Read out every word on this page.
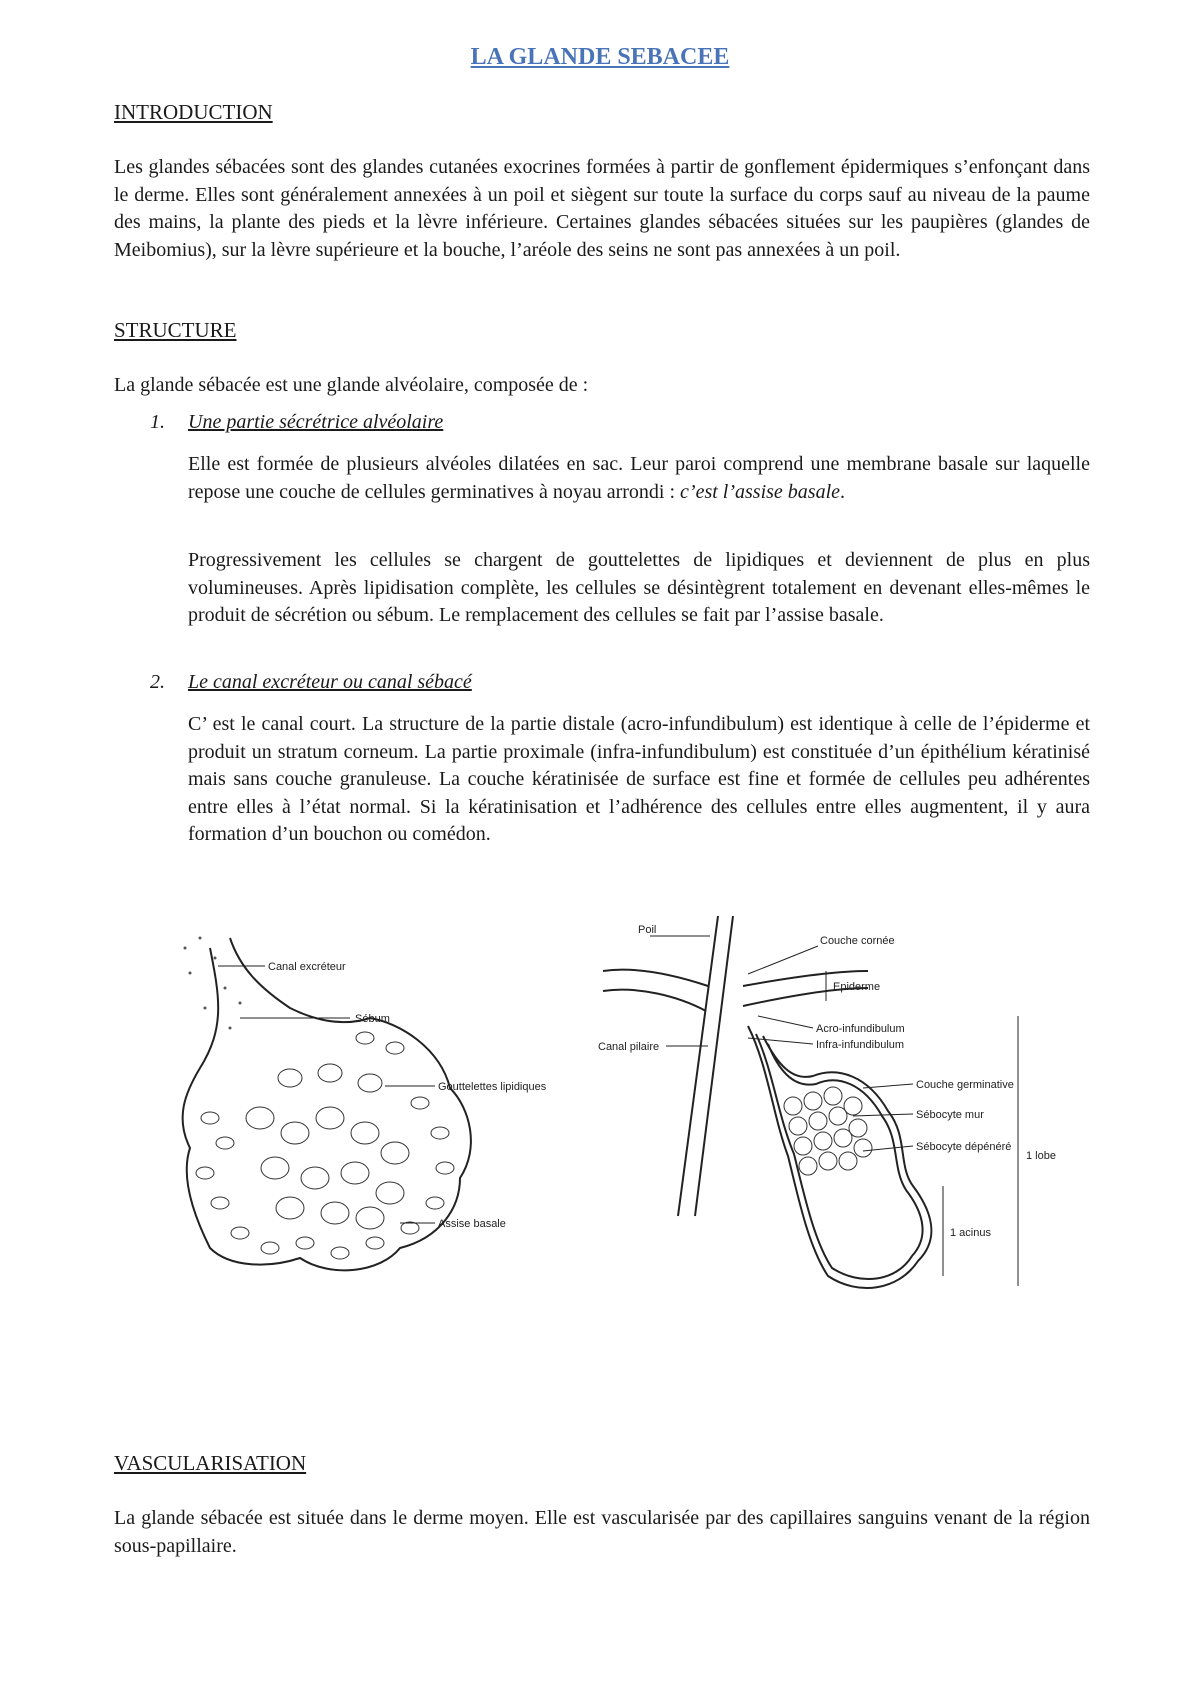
LA GLANDE SEBACEE
INTRODUCTION

Les glandes sébacées sont des glandes cutanées exocrines formées à partir de gonflement épidermiques s’enfonçant dans le derme. Elles sont généralement annexées à un poil et siègent sur toute la surface du corps sauf au niveau de la paume des mains, la plante des pieds et la lèvre inférieure. Certaines glandes sébacées situées sur les paupières (glandes de Meibomius), sur la lèvre supérieure et la bouche, l’aréole des seins ne sont pas annexées à un poil.

STRUCTURE

La glande sébacée est une glande alvéolaire, composée de :

1. Une partie sécrétrice alvéolaire

Elle est formée de plusieurs alvéoles dilatées en sac. Leur paroi comprend une membrane basale sur laquelle repose une couche de cellules germinatives à noyau arrondi : c’est l’assise basale.

Progressivement les cellules se chargent de gouttelettes de lipidiques et deviennent de plus en plus volumineuses. Après lipidisation complète, les cellules se désintègrent totalement en devenant elles-mêmes le produit de sécrétion ou sébum. Le remplacement des cellules se fait par l’assise basale.

2. Le canal excréteur ou canal sébacé

C’ est le canal court. La structure de la partie distale (acro-infundibulum) est identique à celle de l’épiderme et produit un stratum corneum. La partie proximale (infra-infundibulum) est constituée d’un épithélium kératinisé mais sans couche granuleuse. La couche kératinisée de surface est fine et formée de cellules peu adhérentes entre elles à l’état normal. Si la kératinisation et l’adhérence des cellules entre elles augmentent, il y aura formation d’un bouchon ou comédon.

Canal excréteur
Sébum
Gouttelettes lipidiques
Assise basale
Poil
Couche cornée
Epiderme
Acro-infundibulum
Infra-infundibulum
Canal pilaire
Couche germinative
Sébocyte mur
Sébocyte dépénéré
1 lobe
1 acinus
VASCULARISATION

La glande sébacée est située dans le derme moyen. Elle est vascularisée par des capillaires sanguins venant de la région sous-papillaire.
